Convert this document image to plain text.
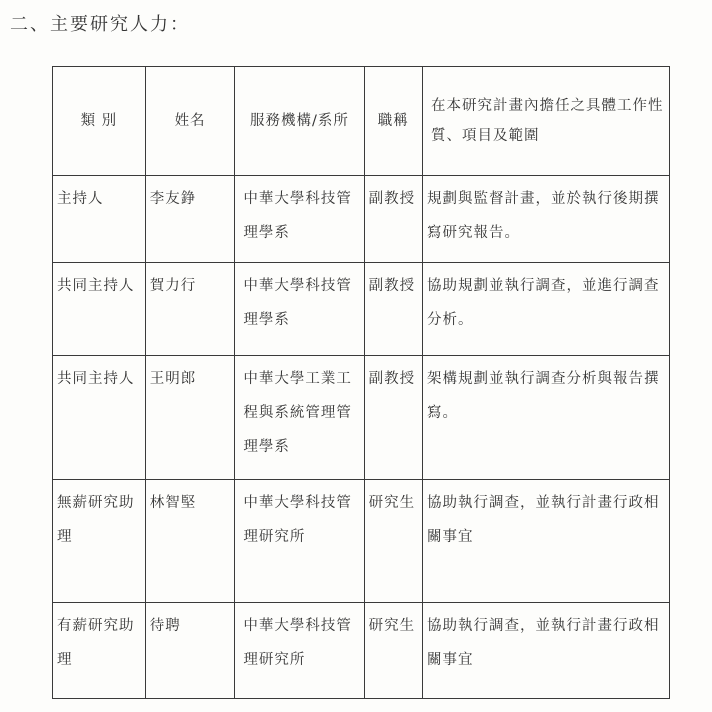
二、主要研究人力：
類 別	姓名	服務機構/系所	職稱	在本研究計畫內擔任之具體工作性質、項目及範圍
主持人	李友錚	中華大學科技管理學系	副教授	規劃與監督計畫，並於執行後期撰寫研究報告。
共同主持人	賀力行	中華大學科技管理學系	副教授	協助規劃並執行調查，並進行調查分析。
共同主持人	王明郎	中華大學工業工程與系統管理管理學系	副教授	架構規劃並執行調查分析與報告撰寫。
無薪研究助理	林智堅	中華大學科技管理研究所	研究生	協助執行調查，並執行計畫行政相關事宜
有薪研究助理	待聘	中華大學科技管理研究所	研究生	協助執行調查，並執行計畫行政相關事宜
